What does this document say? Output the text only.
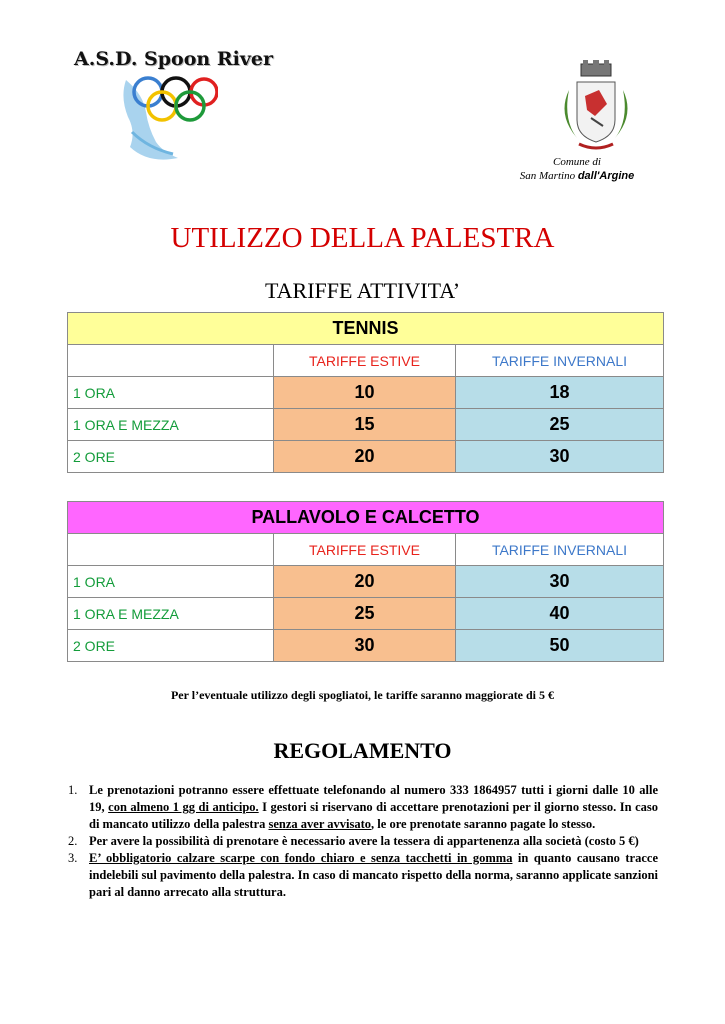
A.S.D. Spoon River
Comune di
San Martino dall'Argine
UTILIZZO DELLA PALESTRA
TARIFFE ATTIVITA’
TENNIS		
	TARIFFE ESTIVE	TARIFFE INVERNALI
1 ORA	10	18
1 ORA E MEZZA	15	25
2 ORE	20	30
PALLAVOLO E CALCETTO		
	TARIFFE ESTIVE	TARIFFE INVERNALI
1 ORA	20	30
1 ORA E MEZZA	25	40
2 ORE	30	50
Per l’eventuale utilizzo degli spogliatoi, le tariffe saranno maggiorate di 5 €
REGOLAMENTO
1. Le prenotazioni potranno essere effettuate telefonando al numero 333 1864957 tutti i giorni dalle 10 alle 19, con almeno 1 gg di anticipo. I gestori si riservano di accettare prenotazioni per il giorno stesso. In caso di mancato utilizzo della palestra senza aver avvisato, le ore prenotate saranno pagate lo stesso.
2. Per avere la possibilità di prenotare è necessario avere la tessera di appartenenza alla società (costo 5 €)
3. E’ obbligatorio calzare scarpe con fondo chiaro e senza tacchetti in gomma in quanto causano tracce indelebili sul pavimento della palestra. In caso di mancato rispetto della norma, saranno applicate sanzioni pari al danno arrecato alla struttura.
